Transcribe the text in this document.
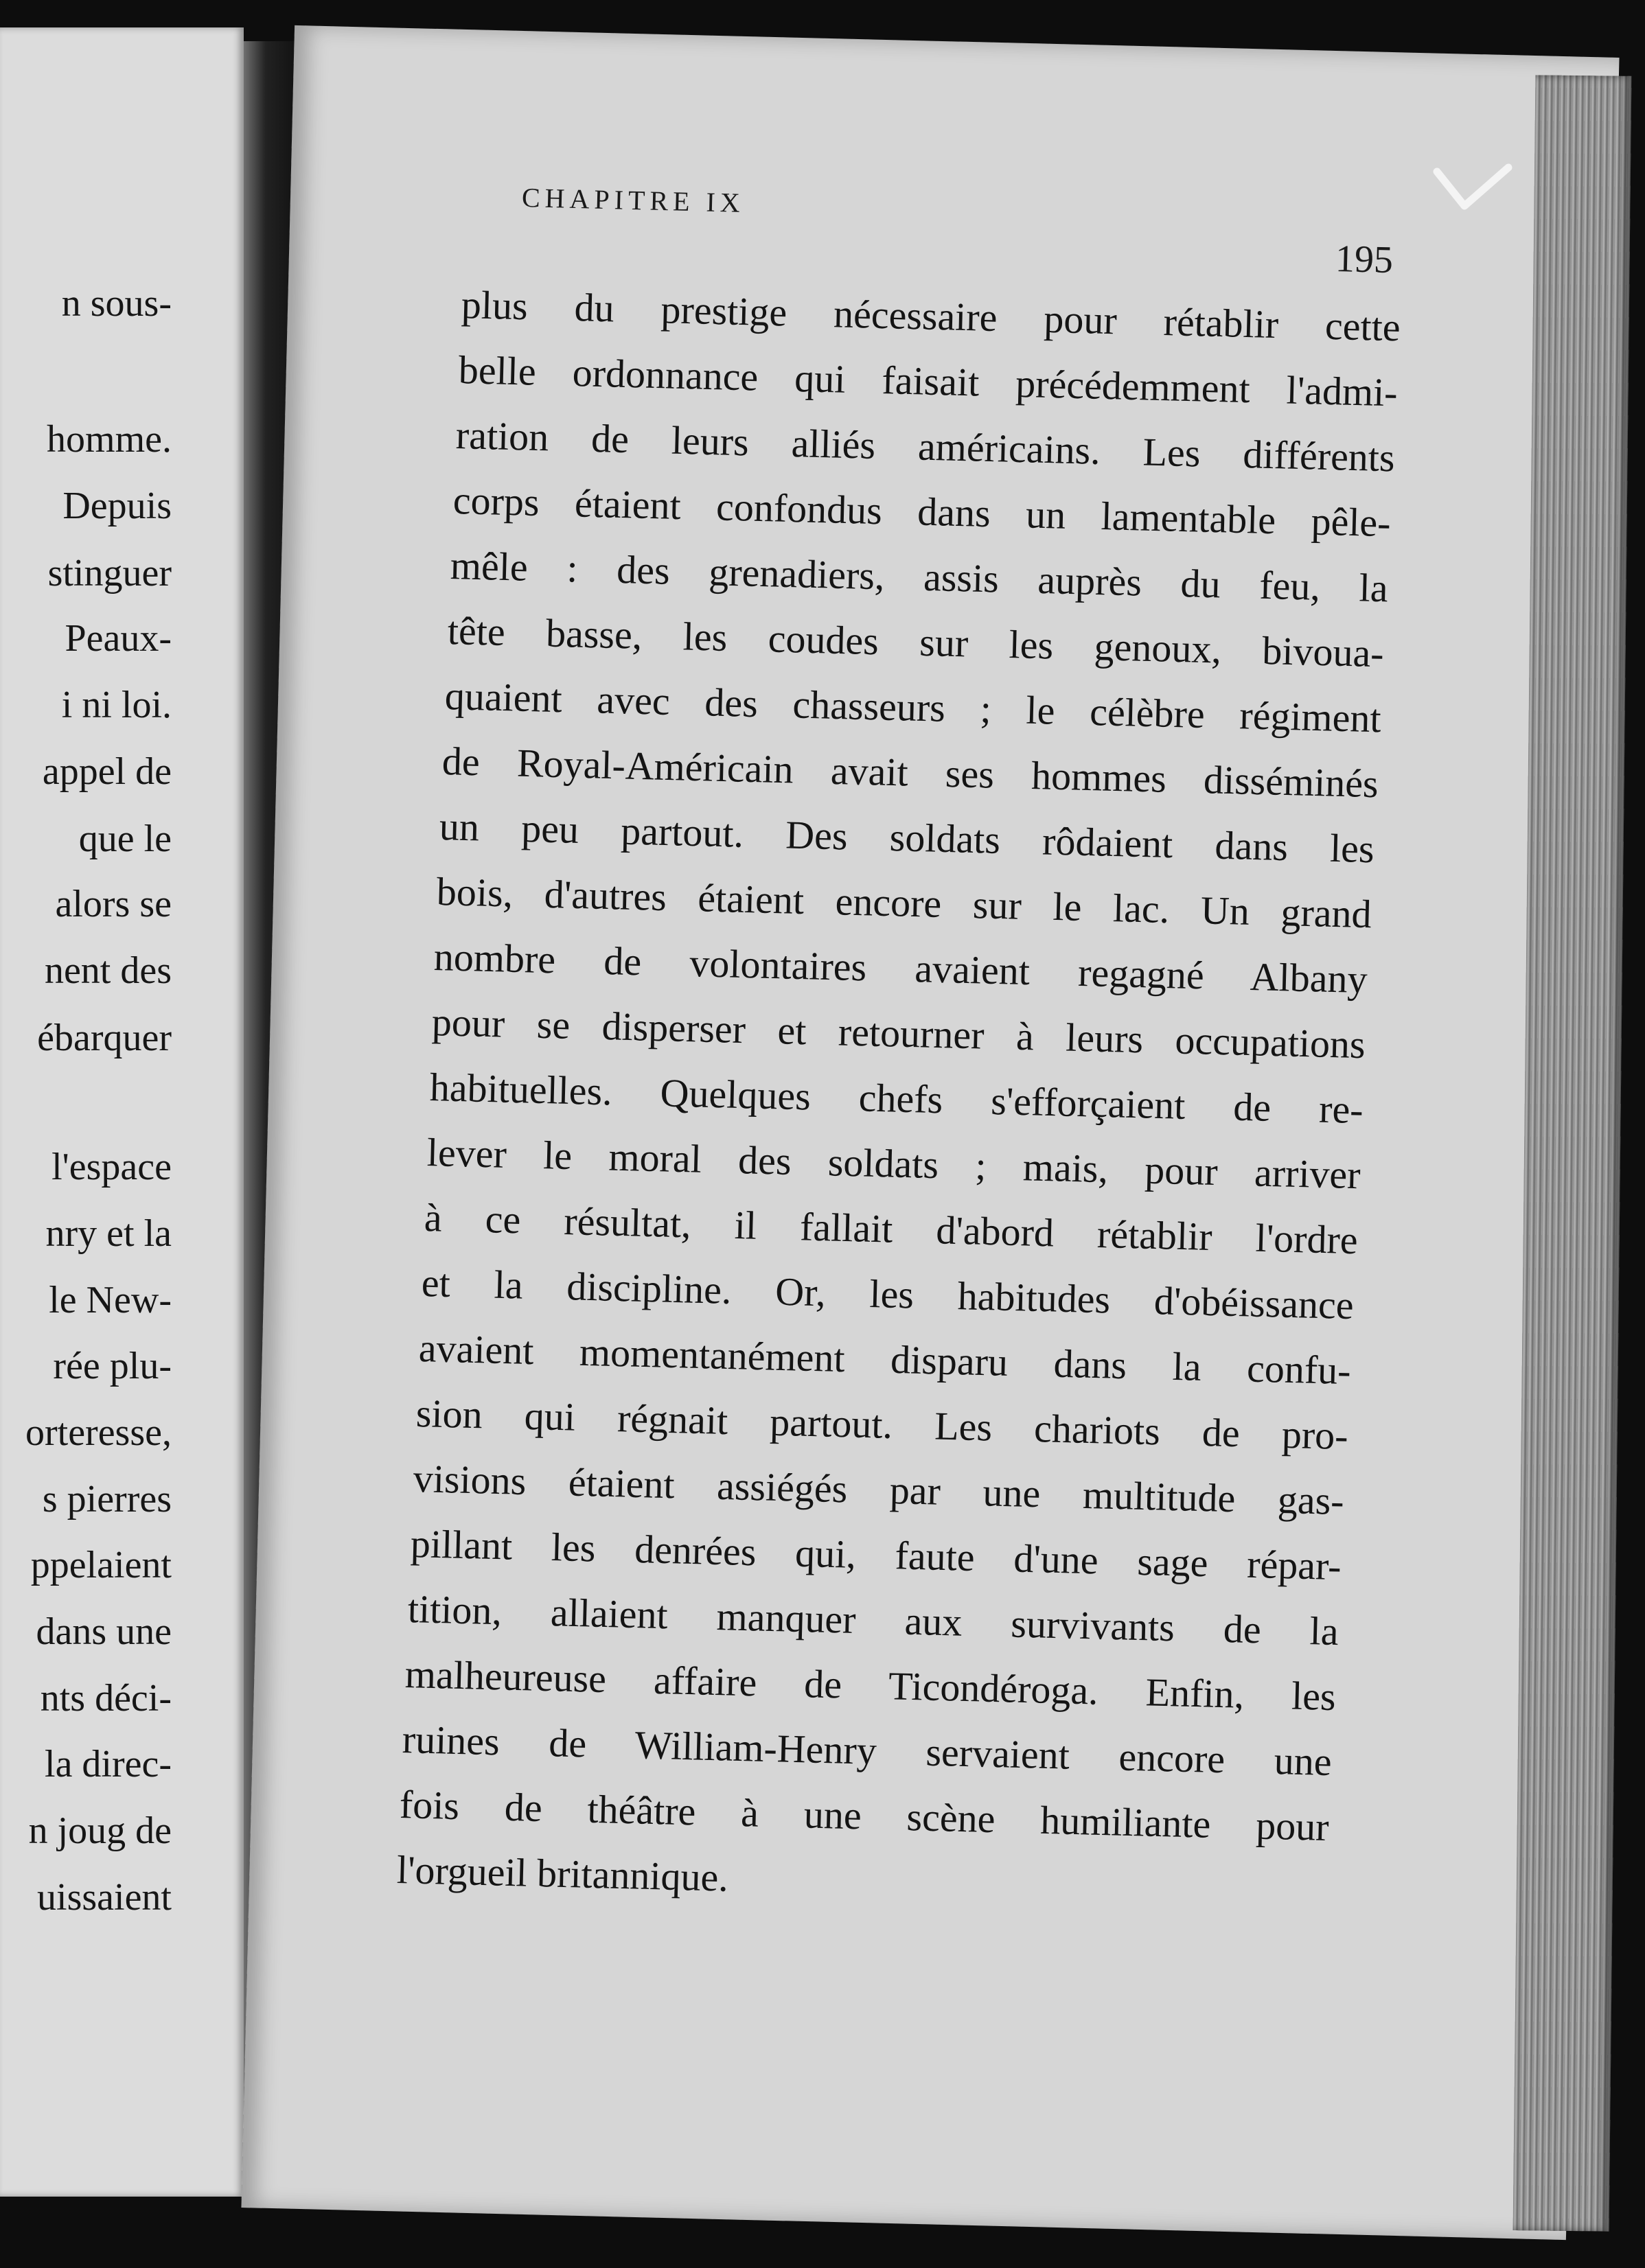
n sous-
homme.
Depuis
stinguer
Peaux-
i ni loi.
appel de
que le
alors se
nent des
ébarquer
l'espace
nry et la
le New-
rée plu-
orteresse,
s pierres
ppelaient
dans une
nts déci-
la direc-
n joug de
uissaient
CHAPITRE IX
195
plus du prestige nécessaire pour rétablir cette
belle ordonnance qui faisait précédemment l'admi-
ration de leurs alliés américains. Les différents
corps étaient confondus dans un lamentable pêle-
mêle : des grenadiers, assis auprès du feu, la
tête basse, les coudes sur les genoux, bivoua-
quaient avec des chasseurs ; le célèbre régiment
de Royal-Américain avait ses hommes disséminés
un peu partout. Des soldats rôdaient dans les
bois, d'autres étaient encore sur le lac. Un grand
nombre de volontaires avaient regagné Albany
pour se disperser et retourner à leurs occupations
habituelles. Quelques chefs s'efforçaient de re-
lever le moral des soldats ; mais, pour arriver
à ce résultat, il fallait d'abord rétablir l'ordre
et la discipline. Or, les habitudes d'obéissance
avaient momentanément disparu dans la confu-
sion qui régnait partout. Les chariots de pro-
visions étaient assiégés par une multitude gas-
pillant les denrées qui, faute d'une sage répar-
tition, allaient manquer aux survivants de la
malheureuse affaire de Ticondéroga. Enfin, les
ruines de William-Henry servaient encore une
fois de théâtre à une scène humiliante pour
l'orgueil britannique.
